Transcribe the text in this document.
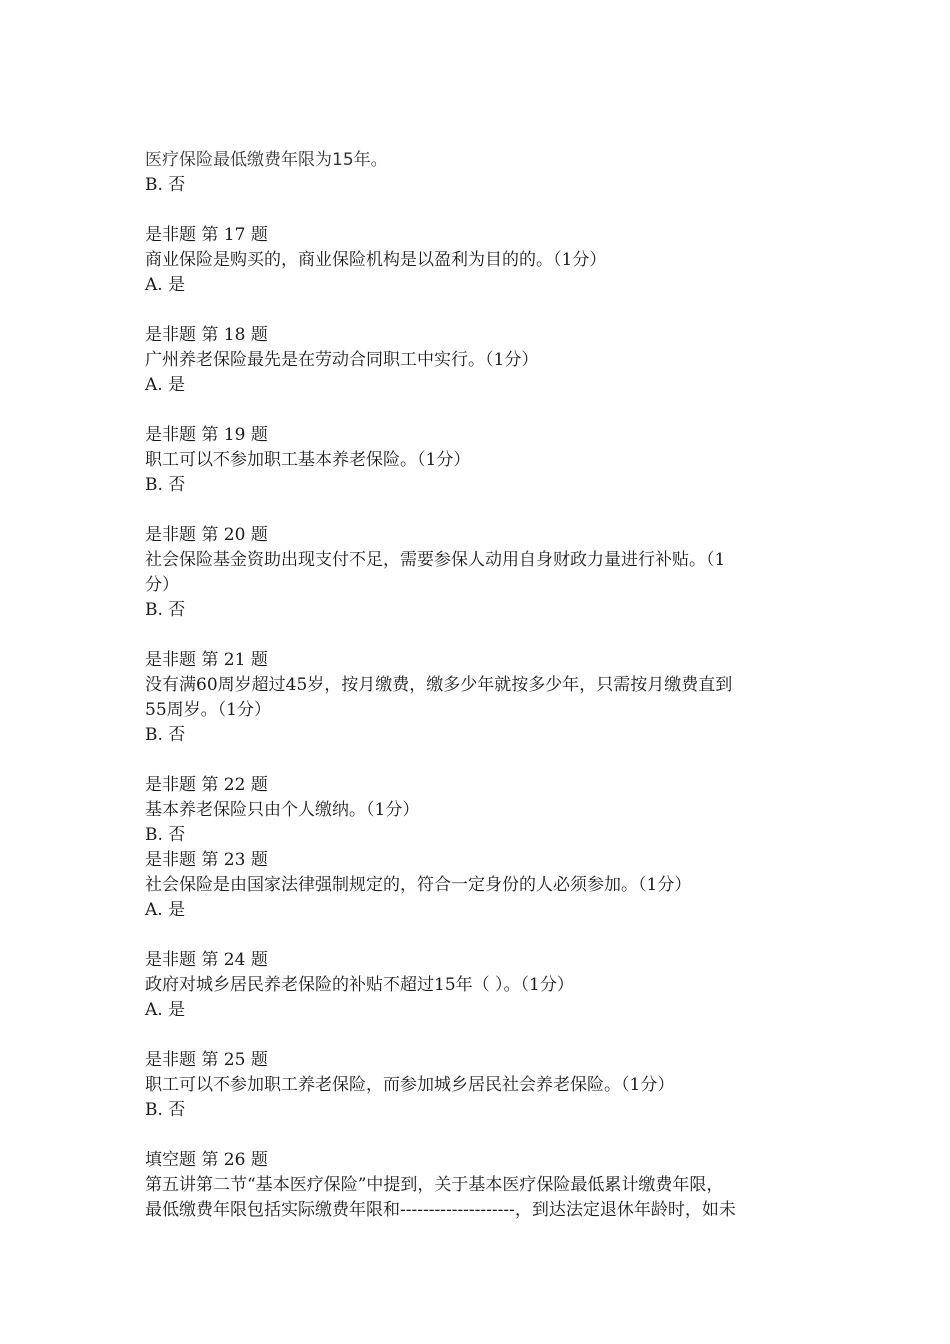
医疗保险最低缴费年限为15年。
B. 否
是非题 第 17 题
商业保险是购买的，商业保险机构是以盈利为目的的。（1分）
A. 是
是非题 第 18 题
广州养老保险最先是在劳动合同职工中实行。（1分）
A. 是
是非题 第 19 题
职工可以不参加职工基本养老保险。（1分）
B. 否
是非题 第 20 题
社会保险基金资助出现支付不足，需要参保人动用自身财政力量进行补贴。（1
分）
B. 否
是非题 第 21 题
没有满60周岁超过45岁，按月缴费，缴多少年就按多少年，只需按月缴费直到
55周岁。（1分）
B. 否
是非题 第 22 题
基本养老保险只由个人缴纳。（1分）
B. 否
是非题 第 23 题
社会保险是由国家法律强制规定的，符合一定身份的人必须参加。（1分）
A. 是
是非题 第 24 题
政府对城乡居民养老保险的补贴不超过15年（ ）。（1分）
A. 是
是非题 第 25 题
职工可以不参加职工养老保险，而参加城乡居民社会养老保险。（1分）
B. 否
填空题 第 26 题
第五讲第二节“基本医疗保险”中提到，关于基本医疗保险最低累计缴费年限，
最低缴费年限包括实际缴费年限和--------------------，到达法定退休年龄时，如未
